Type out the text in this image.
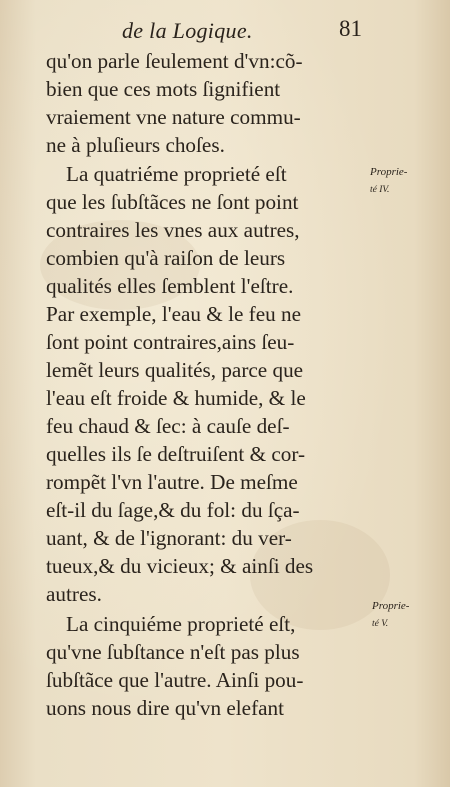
de la Logique.	81
qu'on parle ſeulement d'vn:cõ-
bien que ces mots ſignifient
vraiement vne nature commu-
ne à pluſieurs choſes.
La quatriéme proprieté eſt
que les ſubſtãces ne ſont point
contraires les vnes aux autres,
combien qu'à raiſon de leurs
qualités elles ſemblent l'eſtre.
Par exemple, l'eau & le feu ne
ſont point contraires,ains ſeu-
lemẽt leurs qualités, parce que
l'eau eſt froide & humide, & le
feu chaud & ſec: à cauſe deſ-
quelles ils ſe deſtruiſent & cor-
rompẽt l'vn l'autre. De meſme
eſt-il du ſage,& du fol: du ſça-
uant, & de l'ignorant: du ver-
tueux,& du vicieux; & ainſi des
autres.
La cinquiéme proprieté eſt,
qu'vne ſubſtance n'eſt pas plus
ſubſtãce que l'autre. Ainſi pou-
uons nous dire qu'vn elefant
Proprie-
té IV.
Proprie-
té V.
